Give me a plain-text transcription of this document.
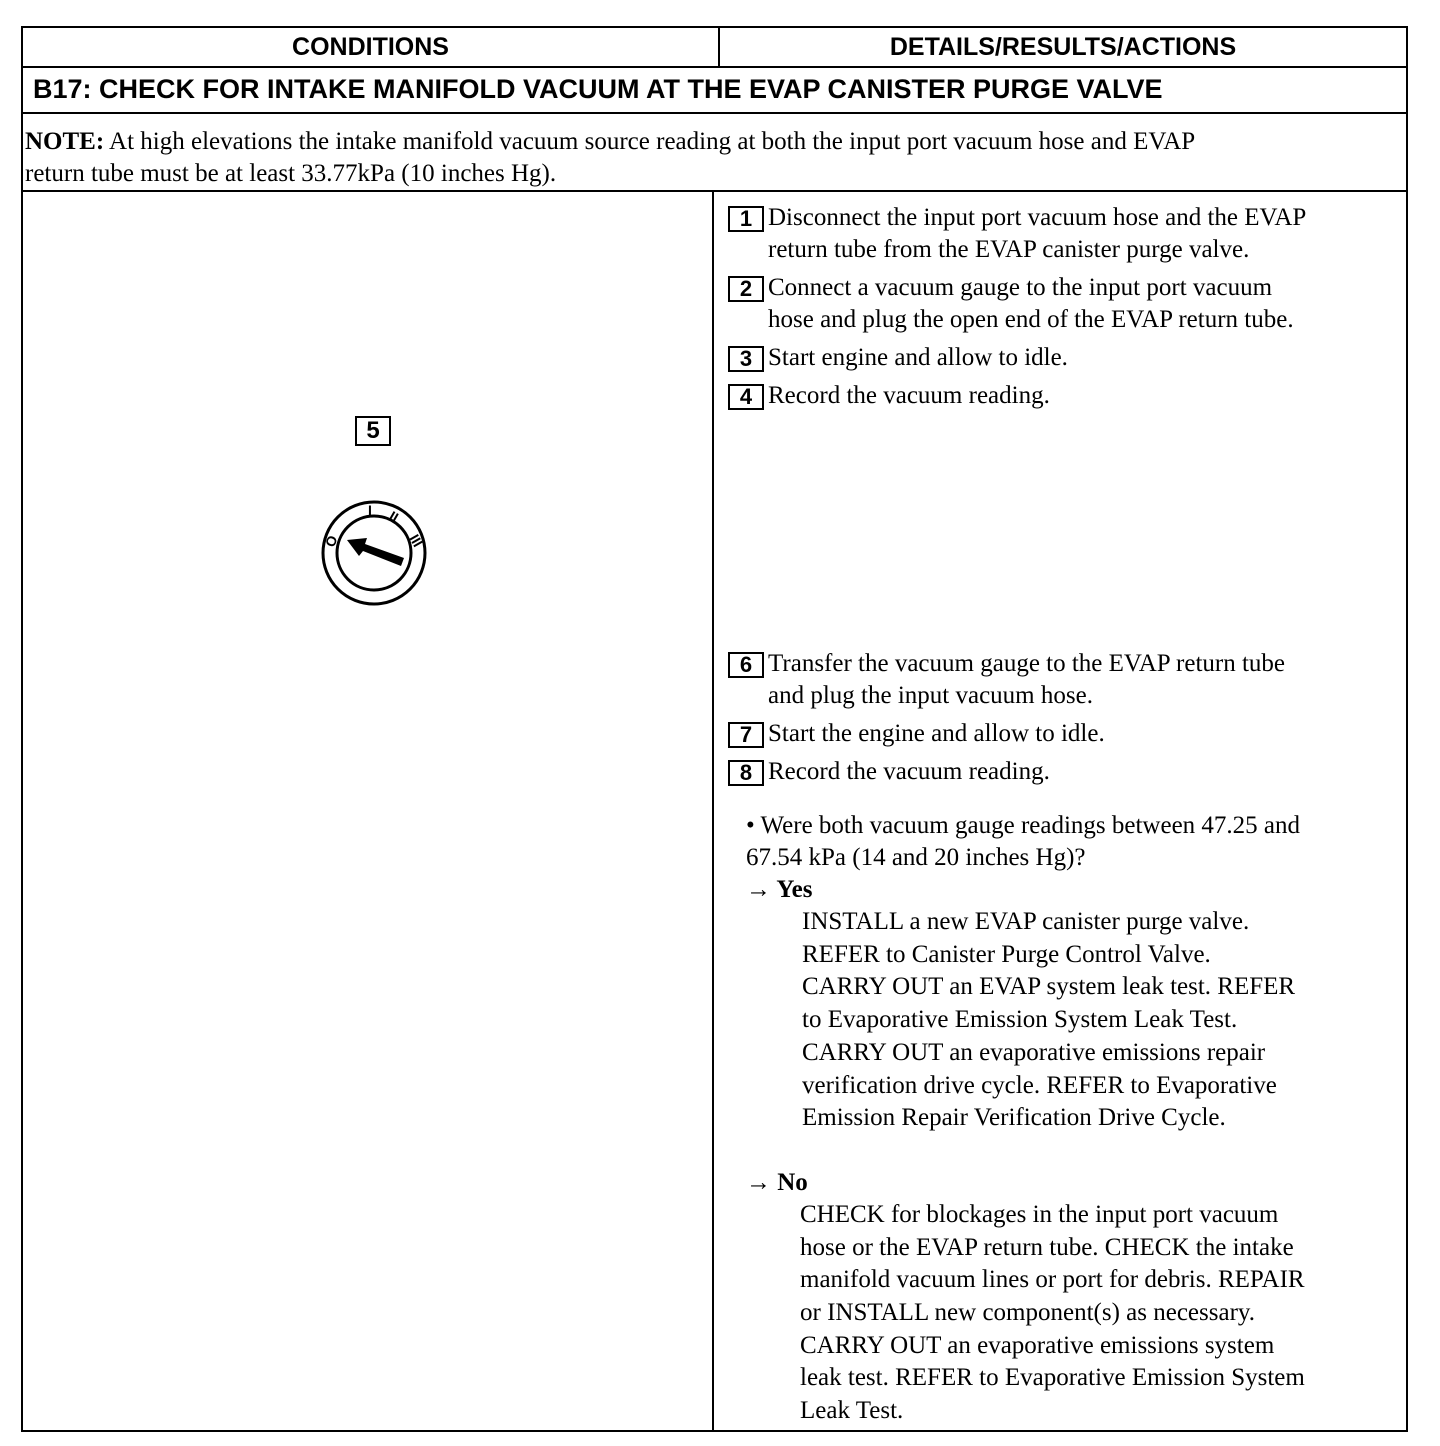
CONDITIONS	DETAILS/RESULTS/ACTIONS
B17: CHECK FOR INTAKE MANIFOLD VACUUM AT THE EVAP CANISTER PURGE VALVE
NOTE: At high elevations the intake manifold vacuum source reading at both the input port vacuum hose and EVAP
return tube must be at least 33.77kPa (10 inches Hg).
5
O
I II
III
1 Disconnect the input port vacuum hose and the EVAP
return tube from the EVAP canister purge valve.
2 Connect a vacuum gauge to the input port vacuum
hose and plug the open end of the EVAP return tube.
3 Start engine and allow to idle.
4 Record the vacuum reading.
6 Transfer the vacuum gauge to the EVAP return tube
and plug the input vacuum hose.
7 Start the engine and allow to idle.
8 Record the vacuum reading.
• Were both vacuum gauge readings between 47.25 and
67.54 kPa (14 and 20 inches Hg)?
→ Yes
INSTALL a new EVAP canister purge valve.
REFER to Canister Purge Control Valve.
CARRY OUT an EVAP system leak test. REFER
to Evaporative Emission System Leak Test.
CARRY OUT an evaporative emissions repair
verification drive cycle. REFER to Evaporative
Emission Repair Verification Drive Cycle.
→ No
CHECK for blockages in the input port vacuum
hose or the EVAP return tube. CHECK the intake
manifold vacuum lines or port for debris. REPAIR
or INSTALL new component(s) as necessary.
CARRY OUT an evaporative emissions system
leak test. REFER to Evaporative Emission System
Leak Test.
